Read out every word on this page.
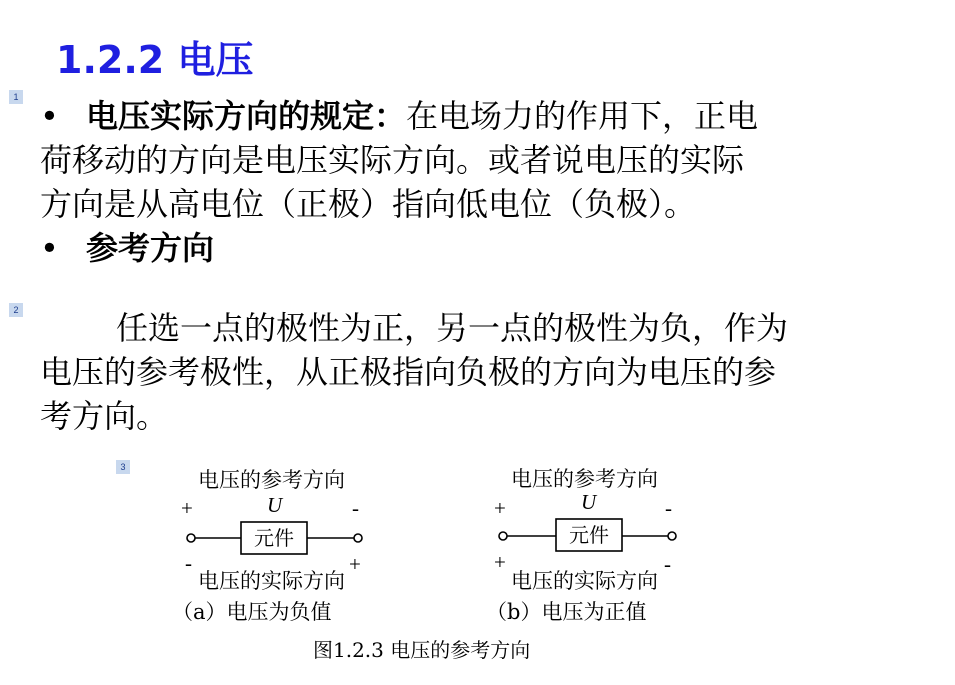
1.2.2 电压
1
2
3
• 电压实际方向的规定：在电场力的作用下，正电
荷移动的方向是电压实际方向。或者说电压的实际
方向是从高电位（正极）指向低电位（负极）。
• 参考方向
任选一点的极性为正，另一点的极性为负，作为
电压的参考极性，从正极指向负极的方向为电压的参
考方向。
电压的参考方向
+	U	-
元件
-	+
电压的实际方向
（a）电压为负值
电压的参考方向
+	U	-
元件
+	-
电压的实际方向
（b）电压为正值
图1.2.3 电压的参考方向
